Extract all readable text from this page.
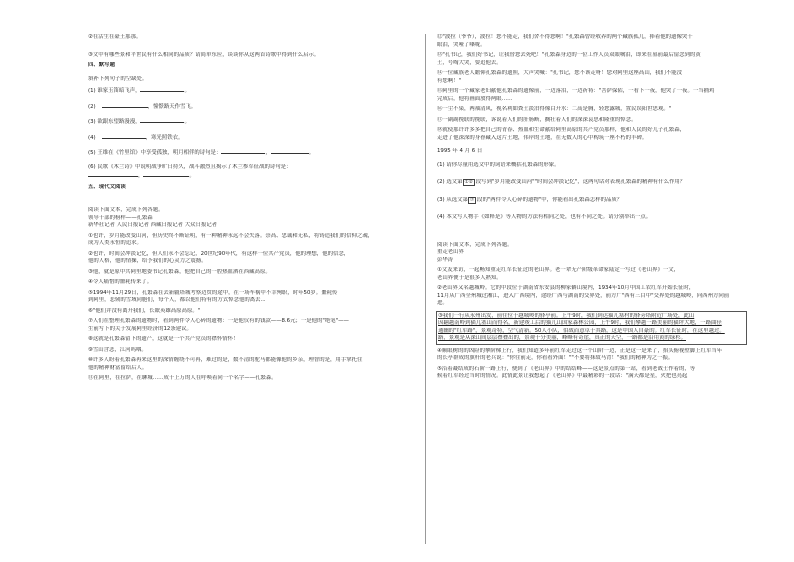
②在活生在豪王那那。
③文中有哪些景和平世民有什么相同的品质？请简单东应，谈谈你从这两首诗歌中得到什么启示。
四、默写题
填补下列句子的空缺处。
(1) 谁家玉笛暗飞声，	。
(2)	，憧憬路天作雪飞。
(3) 欲跟东望路漫漫，	。
(4)	，寒光照铁衣。
(5) 王维在《竹里馆》中享受孤独，明月相伴的诗句是：	，	。
(6) 民歌《木兰诗》中说明战争旷日持久，战斗激烈且揭示了木兰参军征战的诗句是：
，	。
五、现代文阅读
阅读下面文本，完成下列各题。
领导干部的榜样——孔繁森
新华社记者 人民日报记者 西藏日报记者 大众日报记者
①也许，岁月能改变山河，但历史终不断证明，有一种精神永远不会失落。崇高、忠诚和无私，将铸造我们的信仰之魂，
成为人类永恒的追求。
②也许，时间会冲淡记忆，但人们永不会忘记，20世纪90年代，有这样一位共产党员，他的理想，他的信念，
他的人格，他的情操，给予我们的心灵力之震撼。
③他，就是原中共阿里地委书记孔繁森，他把自己的一腔热血洒在西藏高原。
④令人痛惜的噩耗传来了。
⑤1994年11月29日，孔繁森在去新疆塔城考察边贸的途中，在一场车祸中不幸殉职，时年50岁。噩耗传
到阿里，悲恸的雪域同胞们，每个人，都以他们特有的方式悼念他的离去...
⑥"他们并没有离开我们，长眠英雄高原高原。"
⑦人们在整理孔繁森的遗物时，看到两件令人心碎的遗物：一是他仅有的钱款——8.6元；一是他的"绝笔"——
生前写下的关于发展阿里经济的12条建议。
⑧这就是孔繁森留下的遗产，这就是一个共产党员的襟怀情怀！
⑨雪山含悲，江河呜咽。
⑩许多人盼着孔繁森再来这里的深情缠绕不可再，难过的是，数不清的驼马都能像他的乡亲，理智的是，用手掌托住
他的精神财富留给后人。
⑪在阿里，在拉萨，在聊城……成千上万的人在呼唤着同一个名字——孔繁森。
⑫"波拉（爷爷），波拉！您不能走，我们舍不得您啊！"孔繁森曾经收养的两个藏族孤儿，捧着他的遗像哭干
眼泪，哭哑了嗓咙。
⑬"孔书记，我们好书记，让我替您去死吧！"孔繁森身边的一位工作人员双眼噙泪，即来在墓前最后留念到的黄
土，号啕大哭，要追他去。
⑭一位藏族老人瞻仰孔繁森的遗照，大声哭喊："孔书记，您不该走呀！您对阿里这座高山，我们不能没
有您啊！"
⑮阿里的一个藏家老妇献他孔繁森的遗像前，一边落泪，一边祈祷："菩萨保佑，一看下一夜，他哭了一夜。一当捕鸡
完成后，他将画面放得两眼……
⑯一尘不染，两袖清风，视名利如粪土淡泊得像白开水：二高是胸，轻您露城，置民误阳世思观。"
⑰一副副挽联的挽联，诉说着人们的肝肠断，搁壮着人们的深深哀思和隆重的悼念。
⑱就使那许许多多把自己的青春、热血和生命献给阿里高原的共产党员那样，他和人民的好儿子孔繁森，
走进了他深深的身眷藏入这片土地，伟岸的土地，在无数人的心中构筑一座不朽的丰碑。
1995 年 4 月 6 日
(1) 请你尽量用选文中的词语来概括孔繁森的形象。
(2) 选文第 ①② 段写到"岁月能改变山河""时间会冲淡记忆"，这两句话对表现孔繁森的精神有什么作用？
(3) 从选文第 ⑦ 段的"两件令人心碎的遗物"中，你能看出孔繁森怎样的品质？
(4) 本文写人物手《如释是》等人物的方法有相同之处，也有不同之处。请分别举出一点。
阅读下面文本，完成下列各题。
重走老山界
彭华涛
①文友来访，一起畅知重走红军长征过的老山界。老一辈无产阶级革命家陆定一写过《老山界》一文，
老山界便于是很多人熟知。
②老山界又名越城岭。它的中段位于湖南省东安县的柳家僻山境内，1934年10月中国工农红军开始长征时，
11月从广西全州城过湘江，进入广西境内，途经广西与湖南的交界处，前方广"西有三目中"交界处的越城岭，向西州方向前
进。
③我们一行从永州出发，前往位于越城岭的驿亭前。上午9时，我们到达猫儿塞村的驿旁塔附近广场处，此山
因翻越南岭到猫儿塞山而得名，新建竣工后的猫儿山国家森林公园，上午9时，我们攀越一路美丽的猫坪大地，一路曲径
通幽的"红军路"，景观奇特，空气清新。50人小队，伯战而意卓于其路，这是中国人自豪的。红军长征时，在这里越过。
路，景观是从深山间层层叠叠出的，景观十分美丽，峰峰有奇崖，真正的天空，一路都是沿用黄的绿杉。
④顺眼树的的凶险的攀阶梯上行，我们知道多年前红军走过这一个山阶一边，正是这一是来了，抬头俯视壁脚上红军当年
的长亭群成的旗杆的老兵说："你往前走，你看看外面！""不要将抹故马背！"我们的精神为之一振。
⑤沿着凝结成的石阶一路上行，便到了《老山界》中的结结峰——这是景点的第一站，看到老战士作着的，等
候着红军经过当时的情况。此情此景让我想起了《老山界》中最精彩的一段话："满天都是星，火把也亮起
